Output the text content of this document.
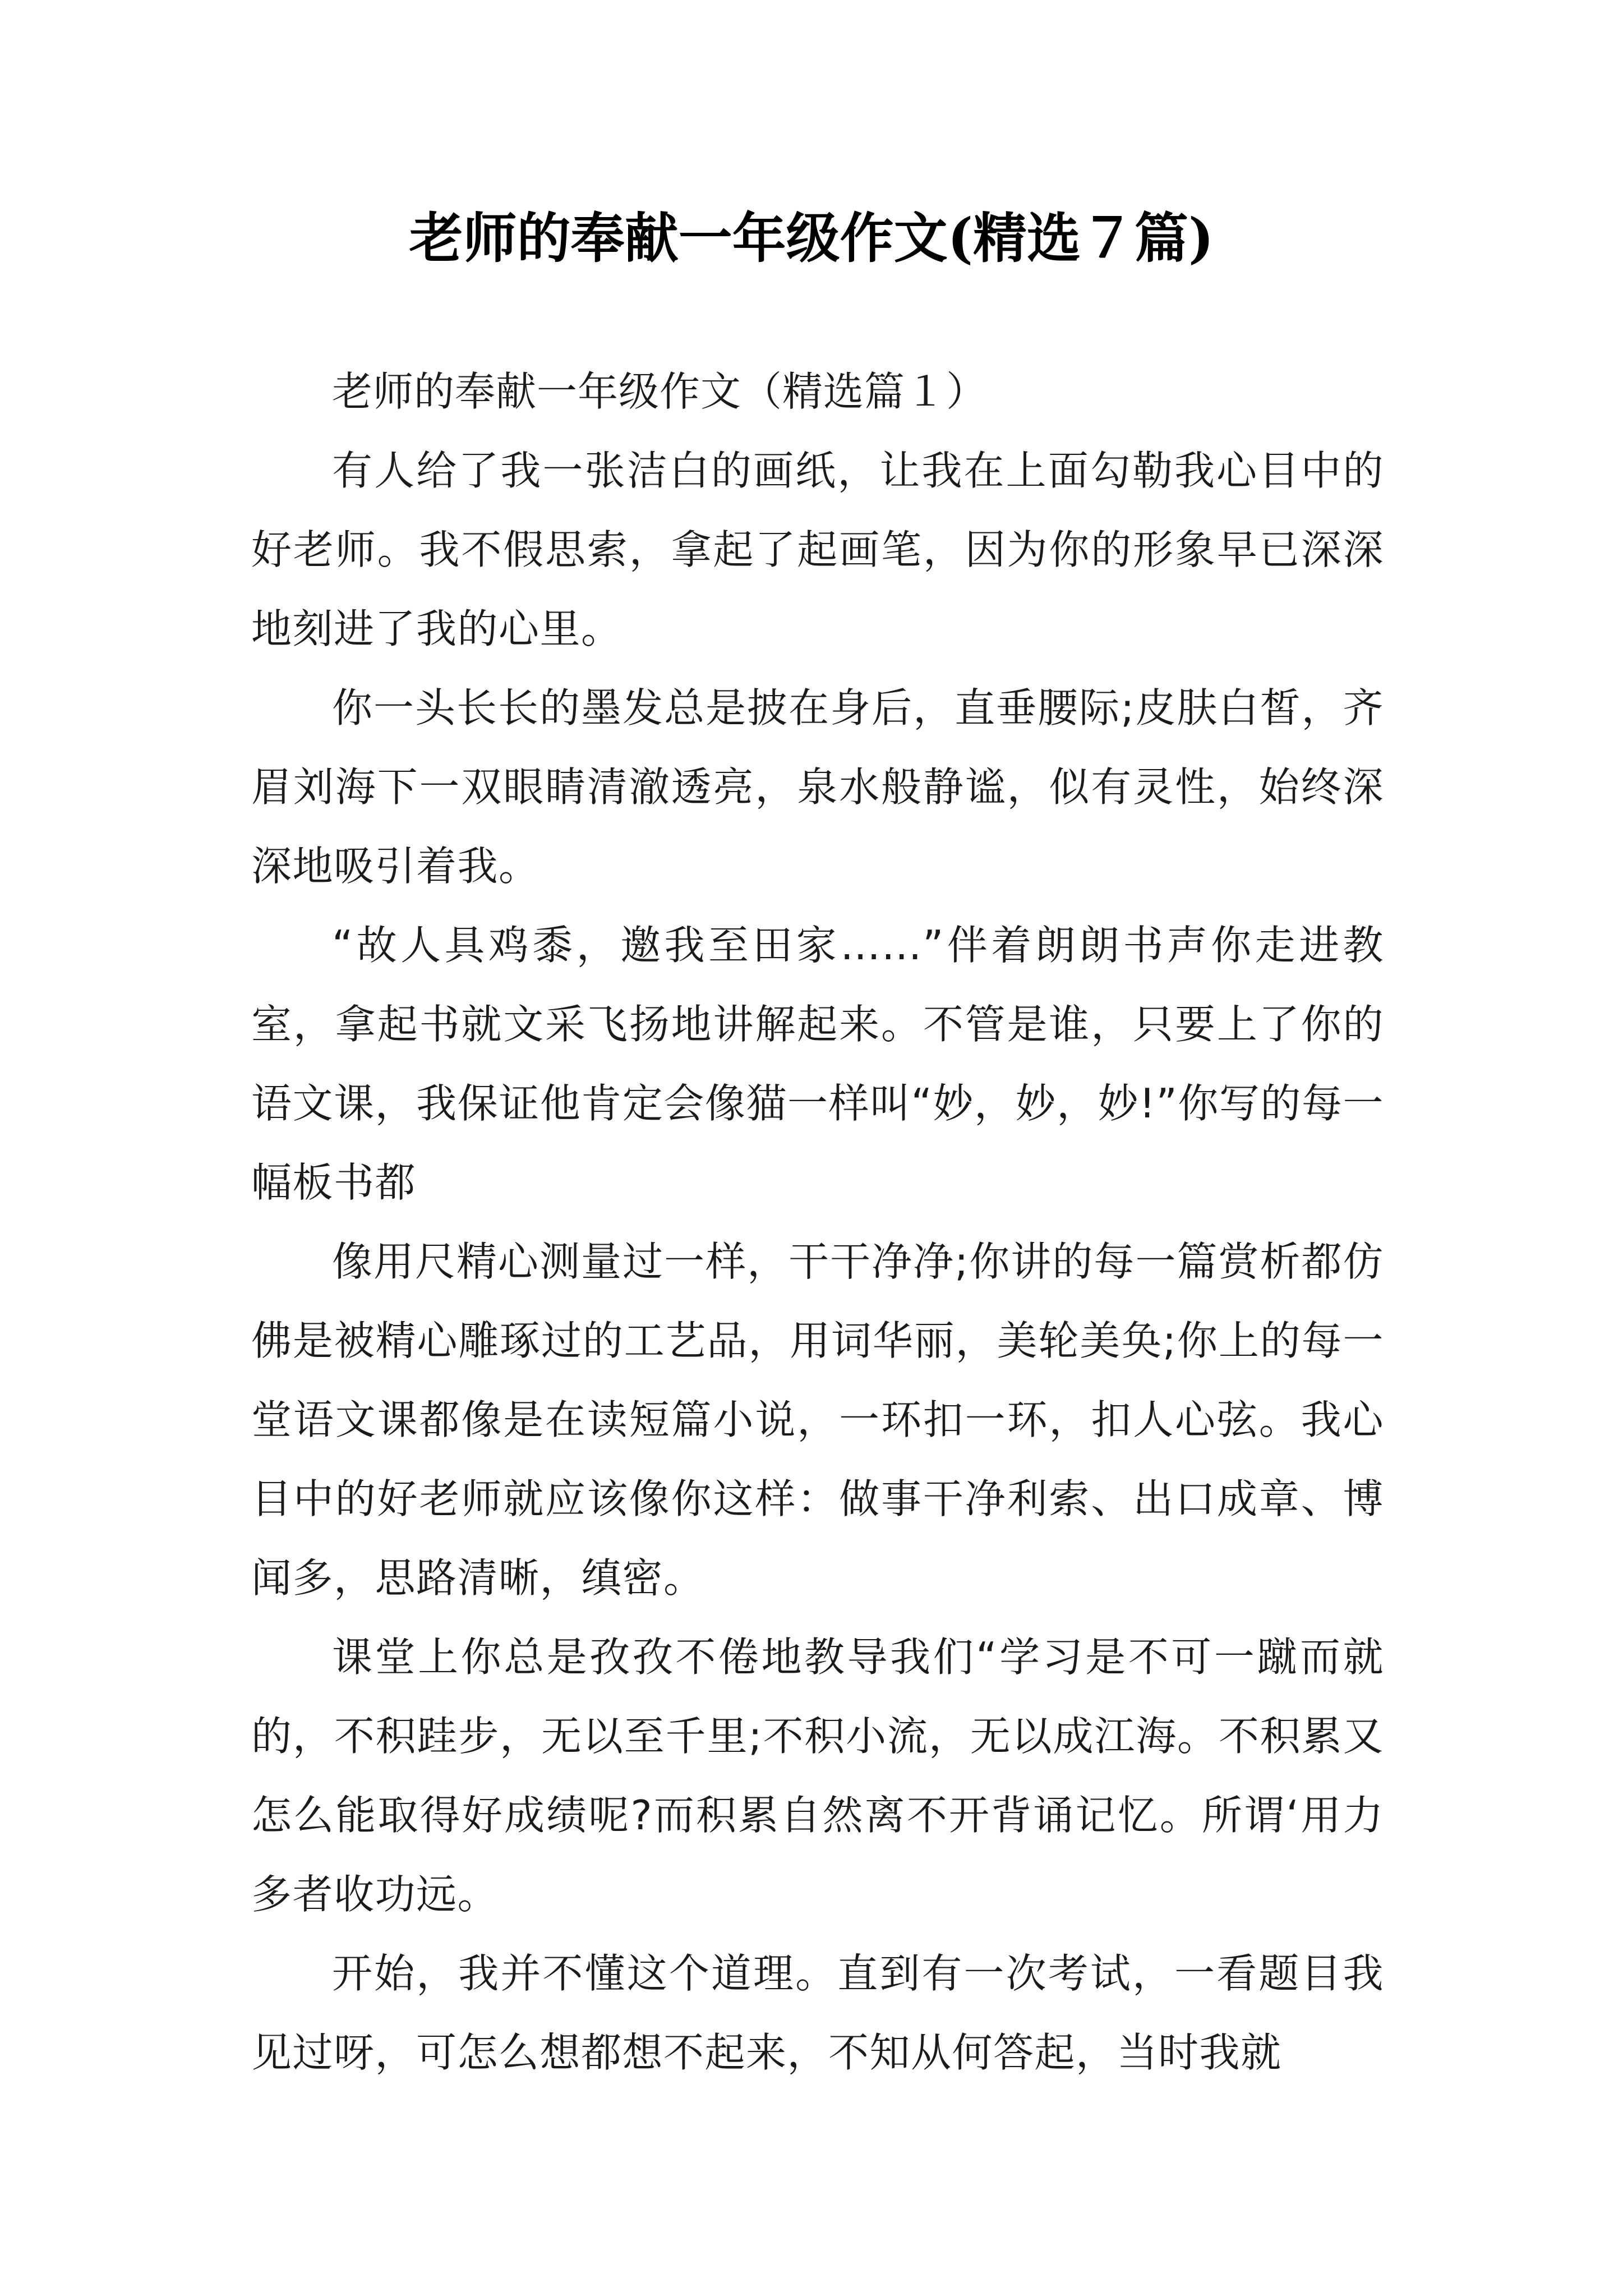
老师的奉献一年级作文(精选７篇)

老师的奉献一年级作文（精选篇１）

有人给了我一张洁白的画纸，让我在上面勾勒我心目中的好老师。我不假思索，拿起了起画笔，因为你的形象早已深深地刻进了我的心里。

你一头长长的墨发总是披在身后，直垂腰际;皮肤白皙，齐眉刘海下一双眼睛清澈透亮，泉水般静谧，似有灵性，始终深深地吸引着我。

“故人具鸡黍，邀我至田家……”伴着朗朗书声你走进教室，拿起书就文采飞扬地讲解起来。不管是谁，只要上了你的语文课，我保证他肯定会像猫一样叫“妙，妙，妙!”你写的每一幅板书都

像用尺精心测量过一样，干干净净;你讲的每一篇赏析都仿佛是被精心雕琢过的工艺品，用词华丽，美轮美奂;你上的每一堂语文课都像是在读短篇小说，一环扣一环，扣人心弦。我心目中的好老师就应该像你这样：做事干净利索、出口成章、博闻多，思路清晰，缜密。

课堂上你总是孜孜不倦地教导我们“学习是不可一蹴而就的，不积跬步，无以至千里;不积小流，无以成江海。不积累又怎么能取得好成绩呢?而积累自然离不开背诵记忆。所谓‘用力多者收功远。

开始，我并不懂这个道理。直到有一次考试，一看题目我见过呀，可怎么想都想不起来，不知从何答起，当时我就
